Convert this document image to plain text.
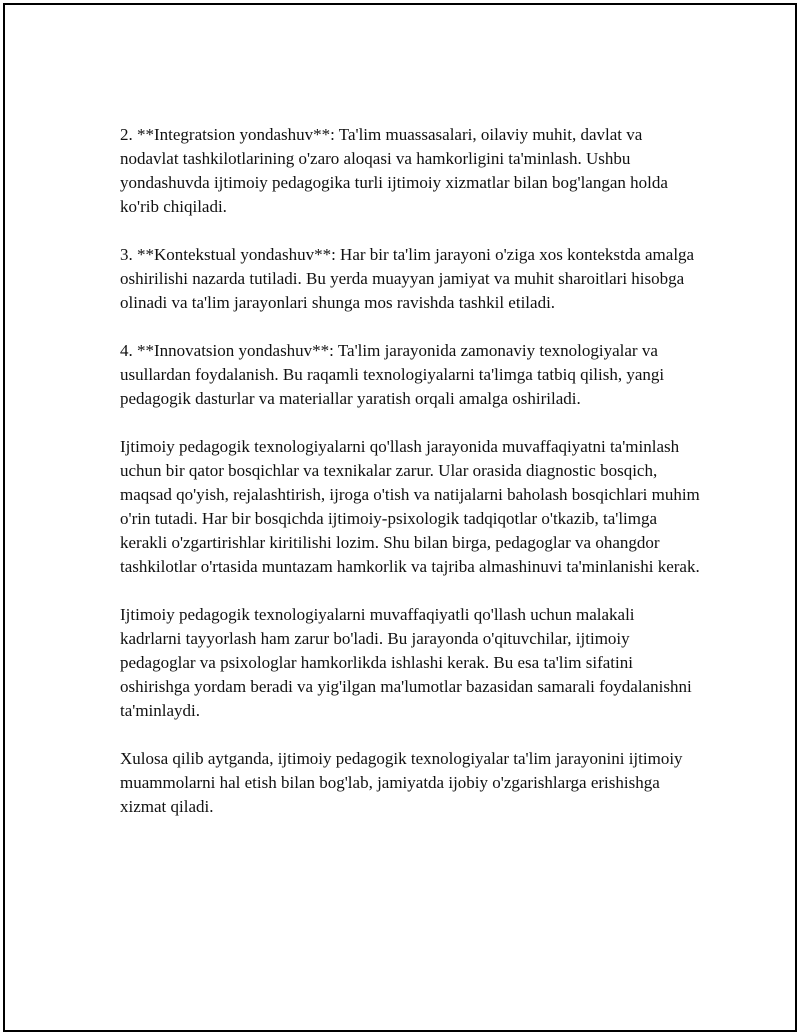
2. **Integratsion yondashuv**: Ta'lim muassasalari, oilaviy muhit, davlat va nodavlat tashkilotlarining o'zaro aloqasi va hamkorligini ta'minlash. Ushbu yondashuvda ijtimoiy pedagogika turli ijtimoiy xizmatlar bilan bog'langan holda ko'rib chiqiladi.

3. **Kontekstual yondashuv**: Har bir ta'lim jarayoni o'ziga xos kontekstda amalga oshirilishi nazarda tutiladi. Bu yerda muayyan jamiyat va muhit sharoitlari hisobga olinadi va ta'lim jarayonlari shunga mos ravishda tashkil etiladi.

4. **Innovatsion yondashuv**: Ta'lim jarayonida zamonaviy texnologiyalar va usullardan foydalanish. Bu raqamli texnologiyalarni ta'limga tatbiq qilish, yangi pedagogik dasturlar va materiallar yaratish orqali amalga oshiriladi.

Ijtimoiy pedagogik texnologiyalarni qo'llash jarayonida muvaffaqiyatni ta'minlash uchun bir qator bosqichlar va texnikalar zarur. Ular orasida diagnostic bosqich, maqsad qo'yish, rejalashtirish, ijroga o'tish va natijalarni baholash bosqichlari muhim o'rin tutadi. Har bir bosqichda ijtimoiy-psixologik tadqiqotlar o'tkazib, ta'limga kerakli o'zgartirishlar kiritilishi lozim. Shu bilan birga, pedagoglar va ohangdor tashkilotlar o'rtasida muntazam hamkorlik va tajriba almashinuvi ta'minlanishi kerak.

Ijtimoiy pedagogik texnologiyalarni muvaffaqiyatli qo'llash uchun malakali kadrlarni tayyorlash ham zarur bo'ladi. Bu jarayonda o'qituvchilar, ijtimoiy pedagoglar va psixologlar hamkorlikda ishlashi kerak. Bu esa ta'lim sifatini oshirishga yordam beradi va yig'ilgan ma'lumotlar bazasidan samarali foydalanishni ta'minlaydi.

Xulosa qilib aytganda, ijtimoiy pedagogik texnologiyalar ta'lim jarayonini ijtimoiy muammolarni hal etish bilan bog'lab, jamiyatda ijobiy o'zgarishlarga erishishga xizmat qiladi.
